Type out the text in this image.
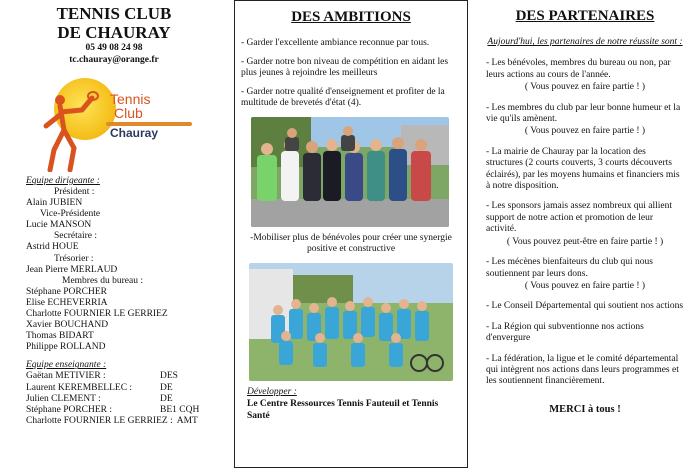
TENNIS CLUB
DE CHAURAY
05 49 08 24 98
tc.chauray@orange.fr
Tennis
Club
Chauray
Equipe dirigeante :
Président :
Alain JUBIEN
Vice-Présidente
Lucie MANSON
Secrétaire :
Astrid HOUE
Trésorier :
Jean Pierre MERLAUD
Membres du bureau :
Stéphane PORCHER
Elise ECHEVERRIA
Charlotte FOURNIER LE GERRIEZ
Xavier BOUCHAND
Thomas BIDART
Philippe ROLLAND
Equipe enseignante :
Gaëtan METIVIER :	DES
Laurent KEREMBELLEC :	DE
Julien CLEMENT :	DE
Stéphane PORCHER :	BE1 CQH
Charlotte FOURNIER LE GERRIEZ : AMT
DES AMBITIONS
- Garder l'excellente ambiance reconnue par tous.
- Garder notre bon niveau de compétition en aidant les plus jeunes à rejoindre les meilleurs
- Garder notre qualité d'enseignement et profiter de la multitude de brevetés d'état (4).
-Mobiliser plus de bénévoles pour créer une synergie positive et constructive
Développer :
Le Centre Ressources Tennis Fauteuil et Tennis Santé
DES PARTENAIRES
Aujourd'hui, les partenaires de notre réussite sont :
- Les bénévoles, membres du bureau ou non, par leurs actions au cours de l'année.
( Vous pouvez en faire partie ! )
- Les membres du club par leur bonne humeur et la vie qu'ils amènent.
( Vous pouvez en faire partie ! )
- La mairie de Chauray par la location des structures (2 courts couverts, 3 courts découverts éclairés), par les moyens humains et financiers mis à notre disposition.
- Les sponsors jamais assez nombreux qui allient support de notre action et promotion de leur activité.
( Vous pouvez peut-être en faire partie ! )
- Les mécènes bienfaiteurs du club qui nous soutiennent par leurs dons.
( Vous pouvez en faire partie ! )
- Le Conseil Départemental qui soutient nos actions
- La Région qui subventionne nos actions d'envergure
- La fédération, la ligue et le comité départemental qui intègrent nos actions dans leurs programmes et les soutiennent financièrement.
MERCI à tous !
